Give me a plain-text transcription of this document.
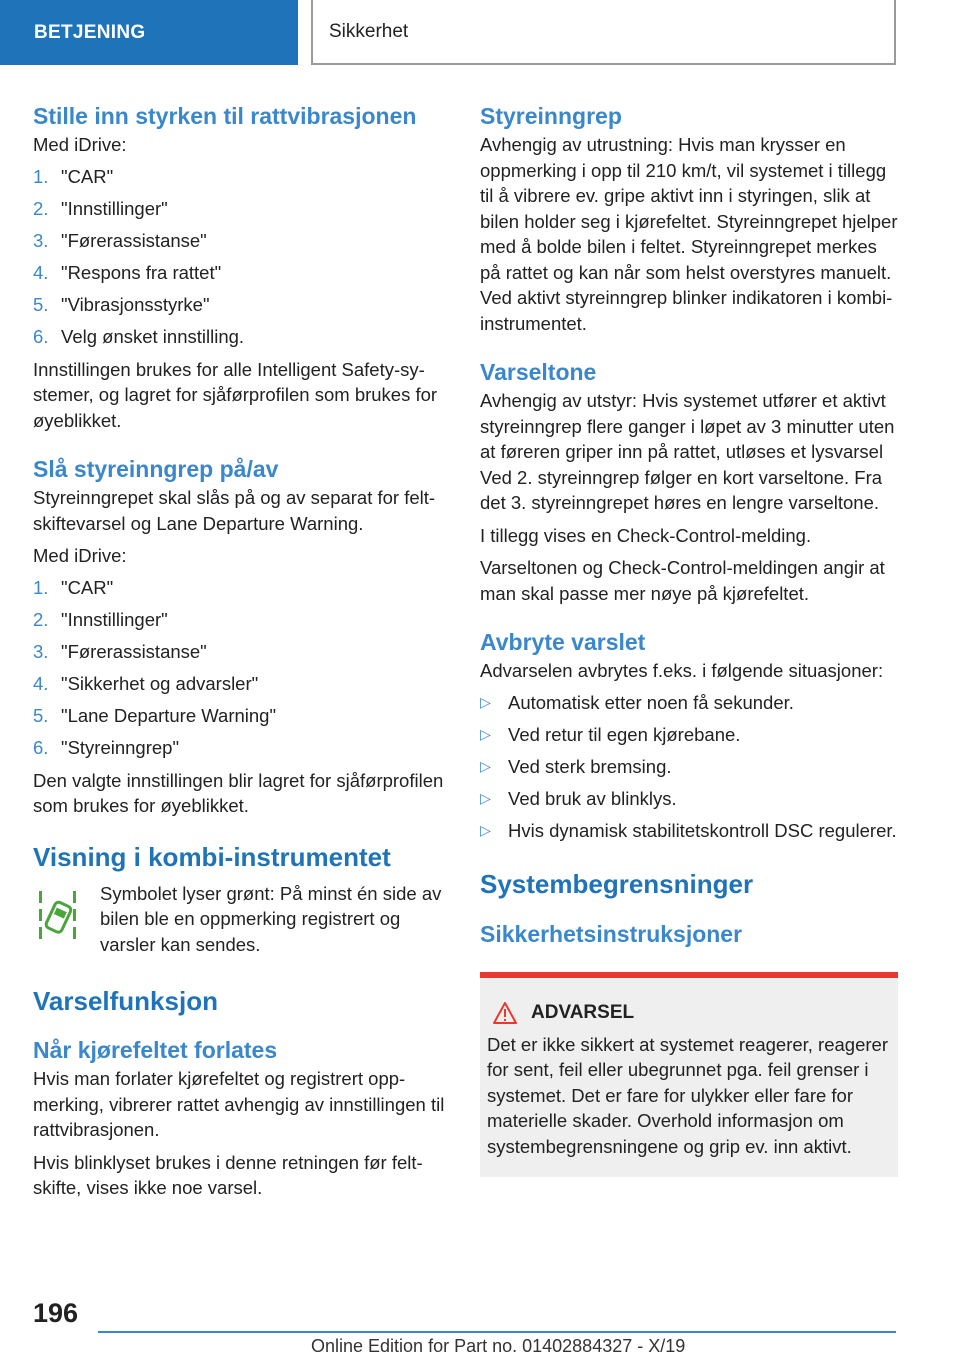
BETJENING	Sikkerhet
Stille inn styrken til rattvibrasjonen

Med iDrive:

1. "CAR"
2. "Innstillinger"
3. "Førerassistanse"
4. "Respons fra rattet"
5. "Vibrasjonsstyrke"
6. Velg ønsket innstilling.

Innstillingen brukes for alle Intelligent Safety-systemer, og lagret for sjåførprofilen som brukes for øyeblikket.

Slå styreinngrep på/av

Styreinngrepet skal slås på og av separat for feltskiftevarsel og Lane Departure Warning.

Med iDrive:

1. "CAR"
2. "Innstillinger"
3. "Førerassistanse"
4. "Sikkerhet og advarsler"
5. "Lane Departure Warning"
6. "Styreinngrep"

Den valgte innstillingen blir lagret for sjåførprofilen som brukes for øyeblikket.

Visning i kombi-instrumentet

Symbolet lyser grønt: På minst én side av bilen ble en oppmerking registrert og varsler kan sendes.

Varselfunksjon
Når kjørefeltet forlates

Hvis man forlater kjørefeltet og registrert oppmerking, vibrerer rattet avhengig av innstillingen til rattvibrasjonen.

Hvis blinklyset brukes i denne retningen før feltskifte, vises ikke noe varsel.

Styreinngrep

Avhengig av utrustning: Hvis man krysser en oppmerking i opp til 210 km/t, vil systemet i tillegg til å vibrere ev. gripe aktivt inn i styringen, slik at bilen holder seg i kjørefeltet. Styreinngrepet hjelper med å bolde bilen i feltet. Styreinngrepet merkes på rattet og kan når som helst overstyres manuelt. Ved aktivt styreinngrep blinker indikatoren i kombi-instrumentet.

Varseltone

Avhengig av utstyr: Hvis systemet utfører et aktivt styreinngrep flere ganger i løpet av 3 minutter uten at føreren griper inn på rattet, utløses et lysvarsel Ved 2. styreinngrep følger en kort varseltone. Fra det 3. styreinngrepet høres en lengre varseltone.

I tillegg vises en Check-Control-melding.

Varseltonen og Check-Control-meldingen angir at man skal passe mer nøye på kjørefeltet.

Avbryte varslet

Advarselen avbrytes f.eks. i følgende situasjoner:

▷ Automatisk etter noen få sekunder.
▷ Ved retur til egen kjørebane.
▷ Ved sterk bremsing.
▷ Ved bruk av blinklys.
▷ Hvis dynamisk stabilitetskontroll DSC regulerer.
Systembegrensninger
Sikkerhetsinstruksjoner
ADVARSEL

Det er ikke sikkert at systemet reagerer, reagerer for sent, feil eller ubegrunnet pga. feil grenser i systemet. Det er fare for ulykker eller fare for materielle skader. Overhold informasjon om systembegrensningene og grip ev. inn aktivt.

196
Online Edition for Part no. 01402884327 - X/19
